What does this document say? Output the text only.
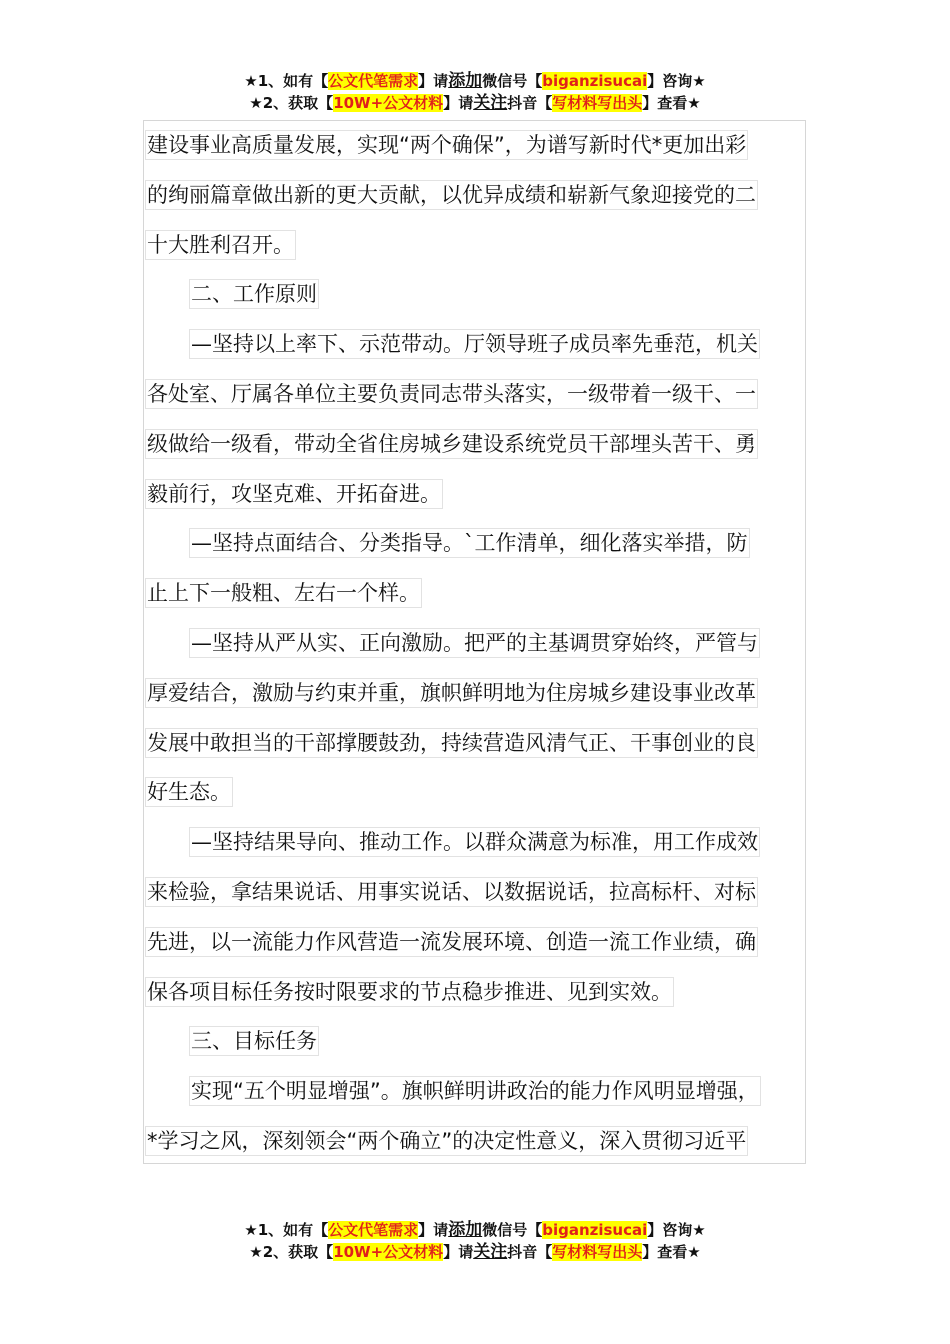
★1、如有【公文代笔需求】请添加微信号【biganzisucai】咨询★
★2、获取【10W+公文材料】请关注抖音【写材料写出头】查看★
建设事业高质量发展，实现“两个确保”，为谱写新时代*更加出彩
的绚丽篇章做出新的更大贡献，以优异成绩和崭新气象迎接党的二
十大胜利召开。
二、工作原则
—坚持以上率下、示范带动。厅领导班子成员率先垂范，机关
各处室、厅属各单位主要负责同志带头落实，一级带着一级干、一
级做给一级看，带动全省住房城乡建设系统党员干部埋头苦干、勇
毅前行，攻坚克难、开拓奋进。
—坚持点面结合、分类指导。`工作清单，细化落实举措，防
止上下一般粗、左右一个样。
—坚持从严从实、正向激励。把严的主基调贯穿始终，严管与
厚爱结合，激励与约束并重，旗帜鲜明地为住房城乡建设事业改革
发展中敢担当的干部撑腰鼓劲，持续营造风清气正、干事创业的良
好生态。
—坚持结果导向、推动工作。以群众满意为标准，用工作成效
来检验，拿结果说话、用事实说话、以数据说话，拉高标杆、对标
先进，以一流能力作风营造一流发展环境、创造一流工作业绩，确
保各项目标任务按时限要求的节点稳步推进、见到实效。
三、目标任务
实现“五个明显增强”。旗帜鲜明讲政治的能力作风明显增强，
*学习之风，深刻领会“两个确立”的决定性意义，深入贯彻习近平
★1、如有【公文代笔需求】请添加微信号【biganzisucai】咨询★
★2、获取【10W+公文材料】请关注抖音【写材料写出头】查看★
